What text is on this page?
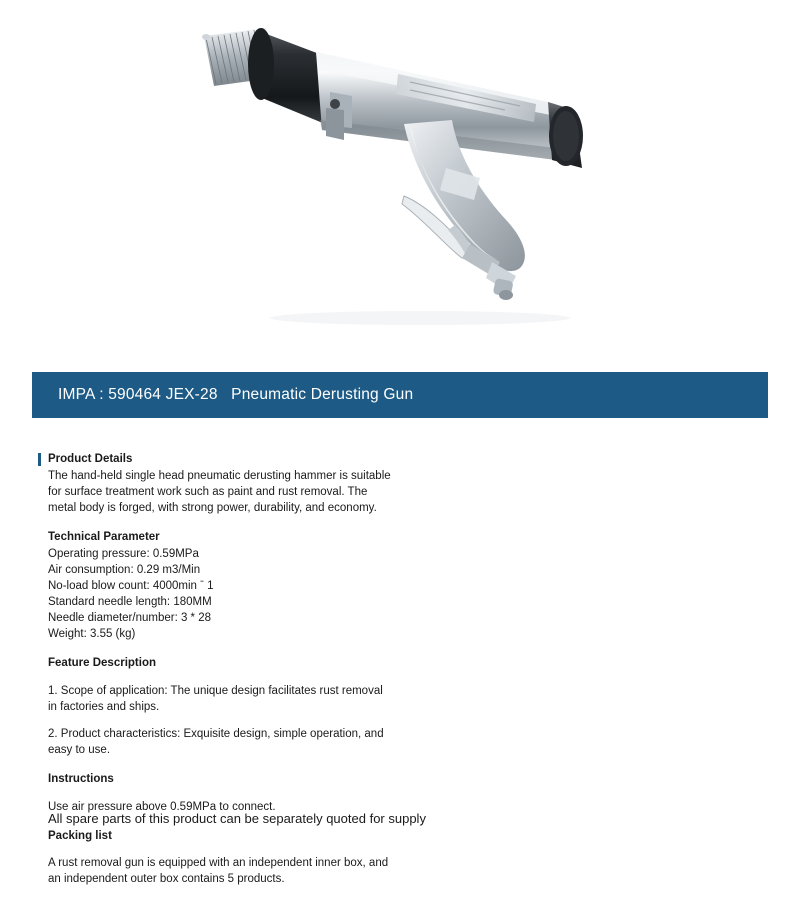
IMPA : 590464 JEX-28   Pneumatic Derusting Gun
Product Details

The hand-held single head pneumatic derusting hammer is suitable for surface treatment work such as paint and rust removal. The metal body is forged, with strong power, durability, and economy.

Technical Parameter
Operating pressure: 0.59MPa
Air consumption: 0.29 m3/Min
No-load blow count: 4000min ˉ 1
Standard needle length: 180MM
Needle diameter/number: 3 * 28
Weight: 3.55 (kg)
Feature Description

1. Scope of application: The unique design facilitates rust removal in factories and ships.

2. Product characteristics: Exquisite design, simple operation, and easy to use.

Instructions

Use air pressure above 0.59MPa to connect.

Packing list

A rust removal gun is equipped with an independent inner box, and an independent outer box contains 5 products.

All spare parts of this product can be separately quoted for supply
